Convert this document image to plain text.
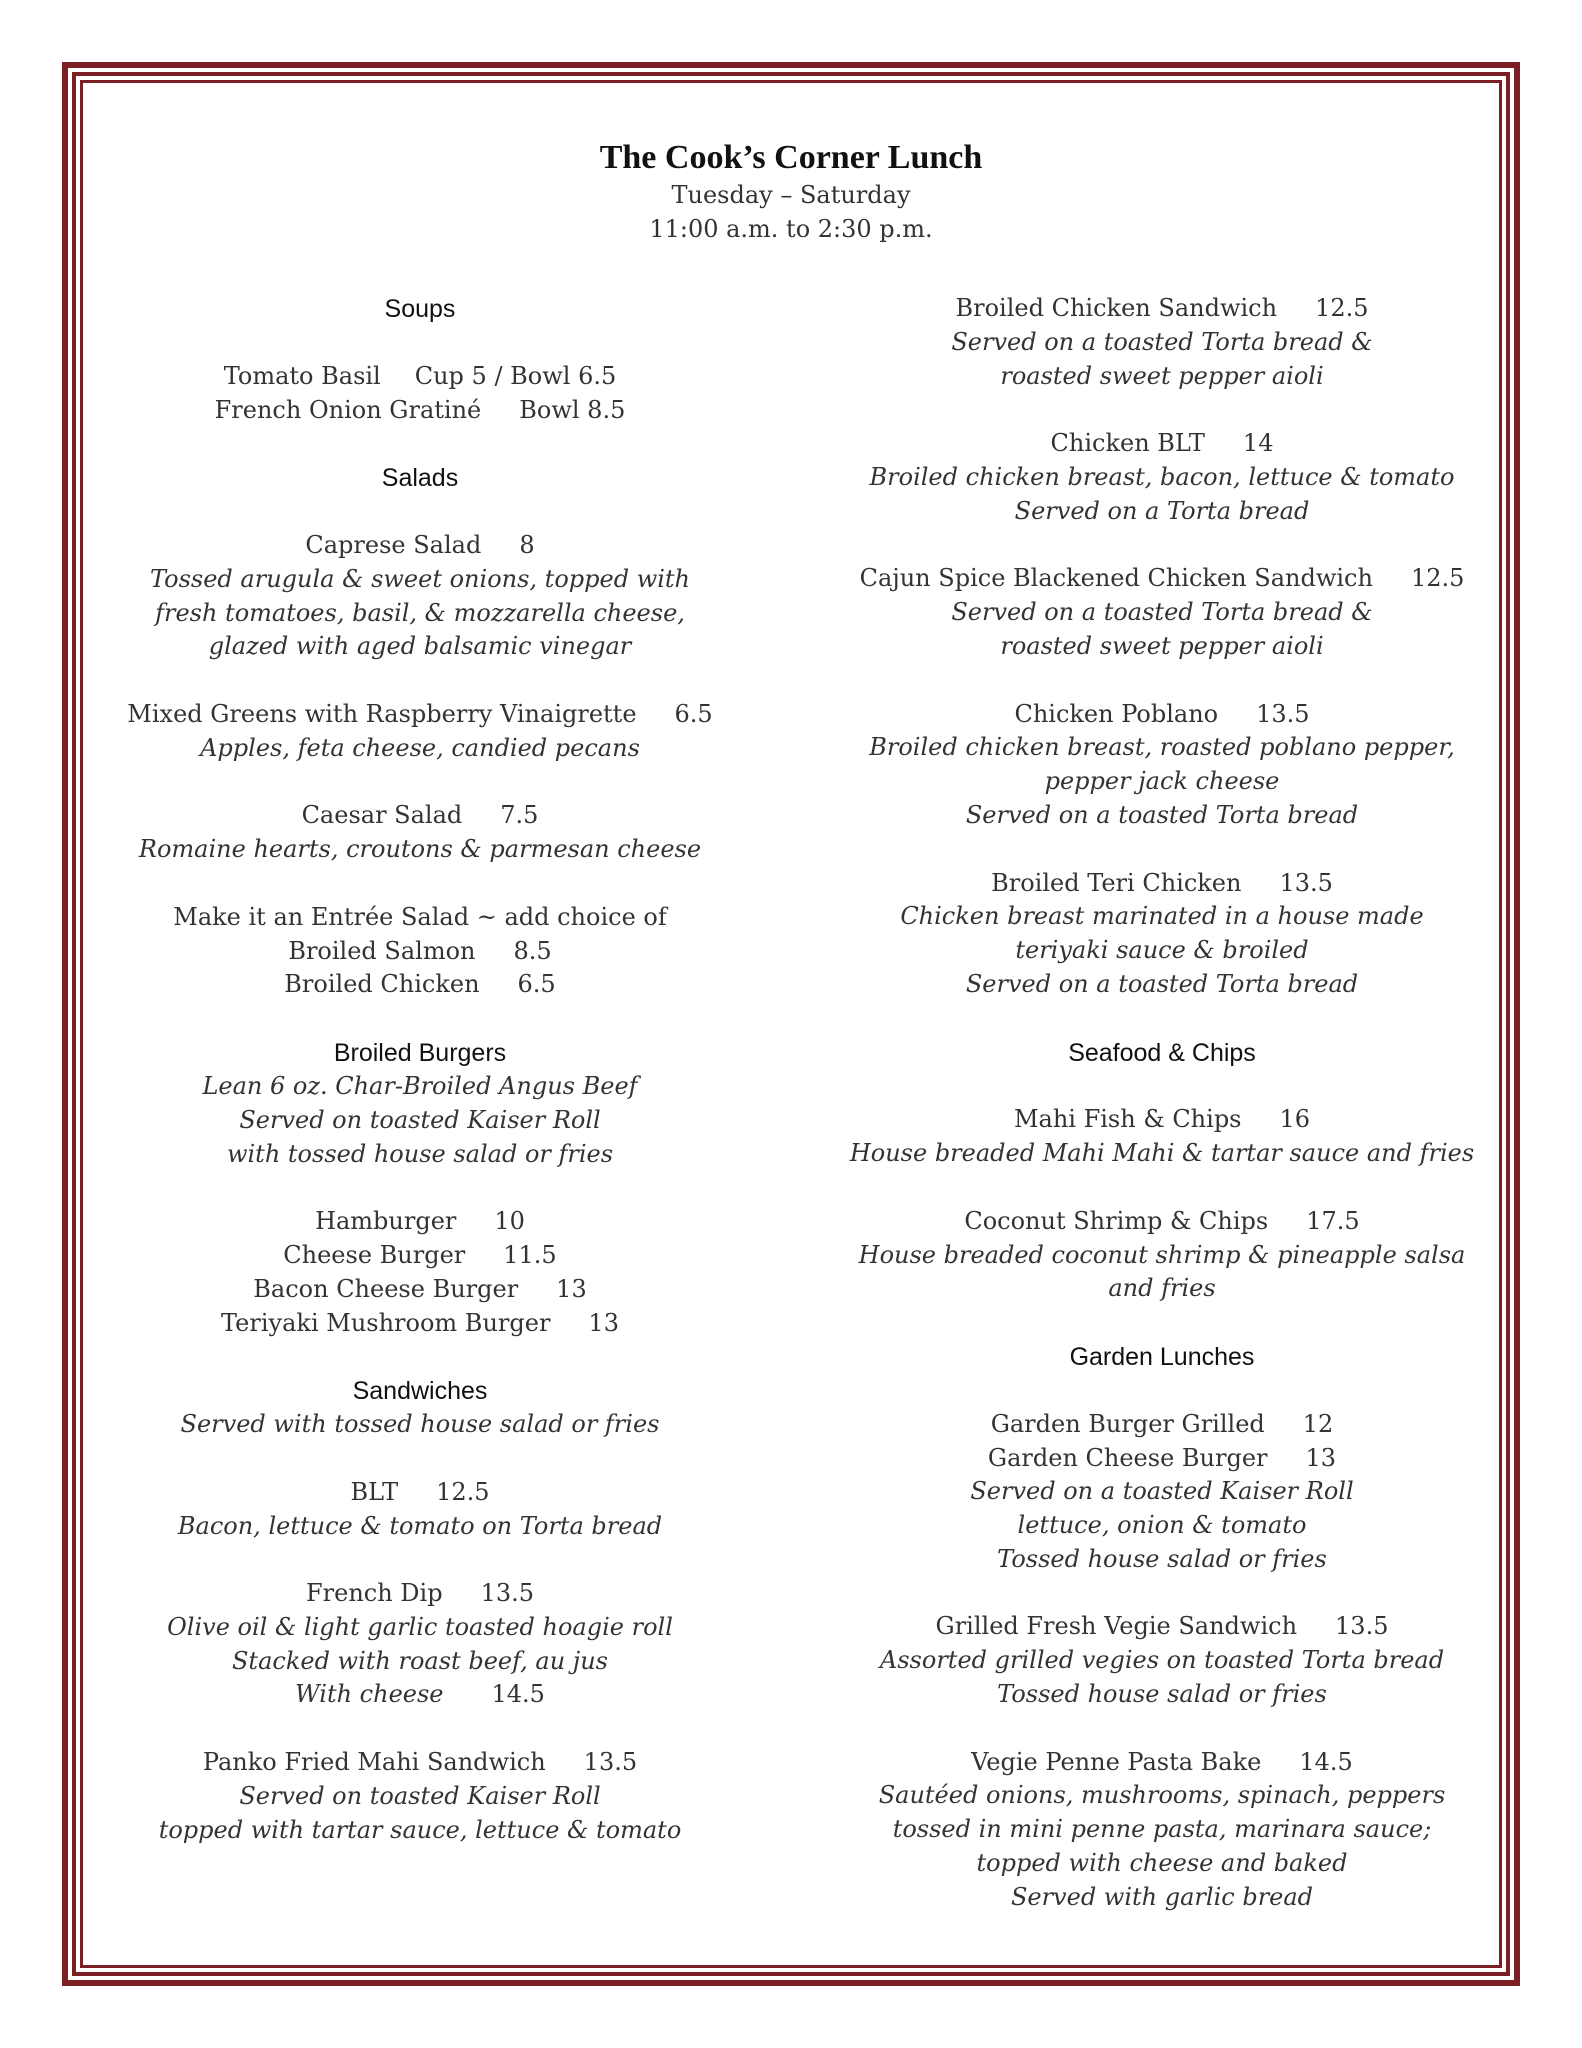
The Cook’s Corner Lunch
Tuesday – Saturday
11:00 a.m. to 2:30 p.m.
Soups
Tomato Basil Cup 5 / Bowl 6.5
French Onion Gratiné Bowl 8.5
Salads
Caprese Salad 8
Tossed arugula & sweet onions, topped with
fresh tomatoes, basil, & mozzarella cheese,
glazed with aged balsamic vinegar
Mixed Greens with Raspberry Vinaigrette 6.5
Apples, feta cheese, candied pecans
Caesar Salad 7.5
Romaine hearts, croutons & parmesan cheese
Make it an Entrée Salad ~ add choice of
Broiled Salmon 8.5
Broiled Chicken 6.5
Broiled Burgers
Lean 6 oz. Char-Broiled Angus Beef
Served on toasted Kaiser Roll
with tossed house salad or fries
Hamburger 10
Cheese Burger 11.5
Bacon Cheese Burger 13
Teriyaki Mushroom Burger 13
Sandwiches
Served with tossed house salad or fries
BLT 12.5
Bacon, lettuce & tomato on Torta bread
French Dip 13.5
Olive oil & light garlic toasted hoagie roll
Stacked with roast beef, au jus
With cheese 14.5
Panko Fried Mahi Sandwich 13.5
Served on toasted Kaiser Roll
topped with tartar sauce, lettuce & tomato
Broiled Chicken Sandwich 12.5
Served on a toasted Torta bread &
roasted sweet pepper aioli
Chicken BLT 14
Broiled chicken breast, bacon, lettuce & tomato
Served on a Torta bread
Cajun Spice Blackened Chicken Sandwich 12.5
Served on a toasted Torta bread &
roasted sweet pepper aioli
Chicken Poblano 13.5
Broiled chicken breast, roasted poblano pepper,
pepper jack cheese
Served on a toasted Torta bread
Broiled Teri Chicken 13.5
Chicken breast marinated in a house made
teriyaki sauce & broiled
Served on a toasted Torta bread
Seafood & Chips
Mahi Fish & Chips 16
House breaded Mahi Mahi & tartar sauce and fries
Coconut Shrimp & Chips 17.5
House breaded coconut shrimp & pineapple salsa
and fries
Garden Lunches
Garden Burger Grilled 12
Garden Cheese Burger 13
Served on a toasted Kaiser Roll
lettuce, onion & tomato
Tossed house salad or fries
Grilled Fresh Vegie Sandwich 13.5
Assorted grilled vegies on toasted Torta bread
Tossed house salad or fries
Vegie Penne Pasta Bake 14.5
Sautéed onions, mushrooms, spinach, peppers
tossed in mini penne pasta, marinara sauce;
topped with cheese and baked
Served with garlic bread
